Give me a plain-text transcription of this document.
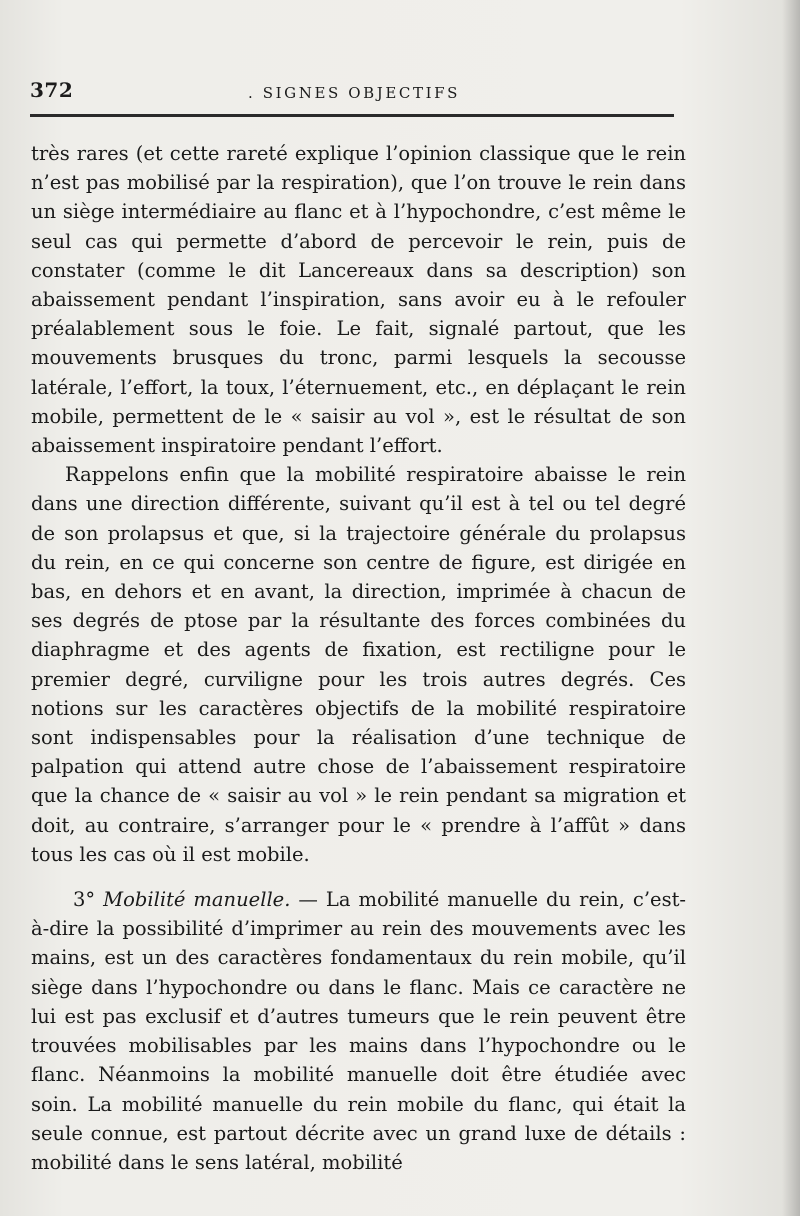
372	. SIGNES OBJECTIFS

très rares (et cette rareté explique l’opinion classique que le rein n’est pas mobilisé par la respiration), que l’on trouve le rein dans un siège intermédiaire au flanc et à l’hypochondre, c’est même le seul cas qui permette d’abord de percevoir le rein, puis de constater (comme le dit Lancereaux dans sa description) son abaissement pendant l’inspiration, sans avoir eu à le refouler préalablement sous le foie. Le fait, signalé partout, que les mouvements brusques du tronc, parmi lesquels la secousse latérale, l’effort, la toux, l’éternuement, etc., en déplaçant le rein mobile, permettent de le « saisir au vol », est le résultat de son abaissement inspiratoire pendant l’effort.

Rappelons enfin que la mobilité respiratoire abaisse le rein dans une direction différente, suivant qu’il est à tel ou tel degré de son prolapsus et que, si la trajectoire générale du prolapsus du rein, en ce qui concerne son centre de figure, est dirigée en bas, en dehors et en avant, la direction, imprimée à chacun de ses degrés de ptose par la résultante des forces combinées du diaphragme et des agents de fixation, est rectiligne pour le premier degré, curviligne pour les trois autres degrés. Ces notions sur les caractères objectifs de la mobilité respiratoire sont indispensables pour la réalisation d’une technique de palpation qui attend autre chose de l’abaissement respiratoire que la chance de « saisir au vol » le rein pendant sa migration et doit, au contraire, s’arranger pour le « prendre à l’affût » dans tous les cas où il est mobile.

3° Mobilité manuelle. — La mobilité manuelle du rein, c’est-à-dire la possibilité d’imprimer au rein des mouvements avec les mains, est un des caractères fondamentaux du rein mobile, qu’il siège dans l’hypochondre ou dans le flanc. Mais ce caractère ne lui est pas exclusif et d’autres tumeurs que le rein peuvent être trouvées mobilisables par les mains dans l’hypochondre ou le flanc. Néanmoins la mobilité manuelle doit être étudiée avec soin. La mobilité manuelle du rein mobile du flanc, qui était la seule connue, est partout décrite avec un grand luxe de détails : mobilité dans le sens latéral, mobilité
